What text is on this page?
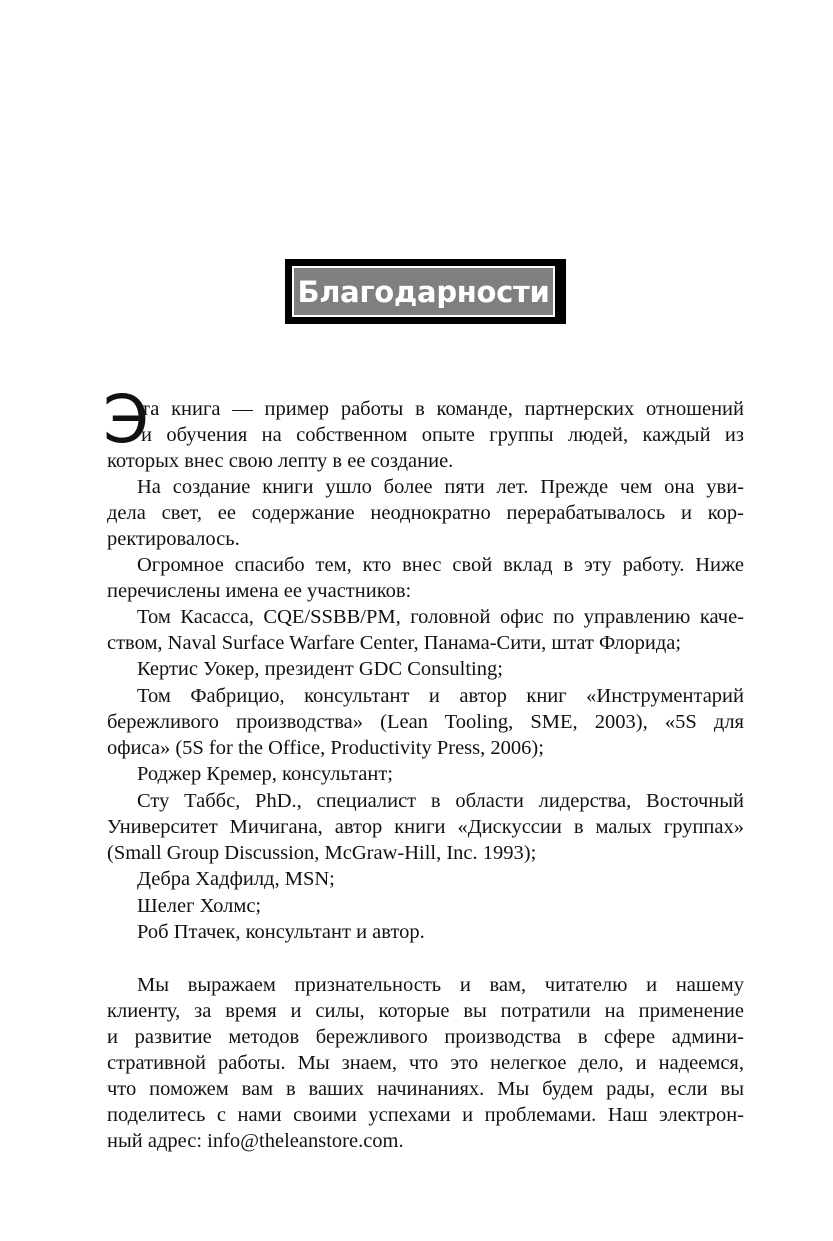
Благодарности
Э
та книга — пример работы в команде, партнерских отношений
и обучения на собственном опыте группы людей, каждый из
которых внес свою лепту в ее создание.
На создание книги ушло более пяти лет. Прежде чем она уви-
дела свет, ее содержание неоднократно перерабатывалось и кор-
ректировалось.
Огромное спасибо тем, кто внес свой вклад в эту работу. Ниже
перечислены имена ее участников:
Том Касасса, CQE/SSBB/PM, головной офис по управлению каче-
ством, Naval Surface Warfare Center, Панама-Сити, штат Флорида;
Кертис Уокер, президент GDC Consulting;
Том Фабрицио, консультант и автор книг «Инструментарий
бережливого производства» (Lean Tooling, SME, 2003), «5S для
офиса» (5S for the Office, Productivity Press, 2006);
Роджер Кремер, консультант;
Сту Таббс, PhD., специалист в области лидерства, Восточный
Университет Мичигана, автор книги «Дискуссии в малых группах»
(Small Group Discussion, McGraw-Hill, Inc. 1993);
Дебра Хадфилд, MSN;
Шелег Холмс;
Роб Птачек, консультант и автор.
Мы выражаем признательность и вам, читателю и нашему
клиенту, за время и силы, которые вы потратили на применение
и развитие методов бережливого производства в сфере админи-
стративной работы. Мы знаем, что это нелегкое дело, и надеемся,
что поможем вам в ваших начинаниях. Мы будем рады, если вы
поделитесь с нами своими успехами и проблемами. Наш электрон-
ный адрес: info@theleanstore.com.
